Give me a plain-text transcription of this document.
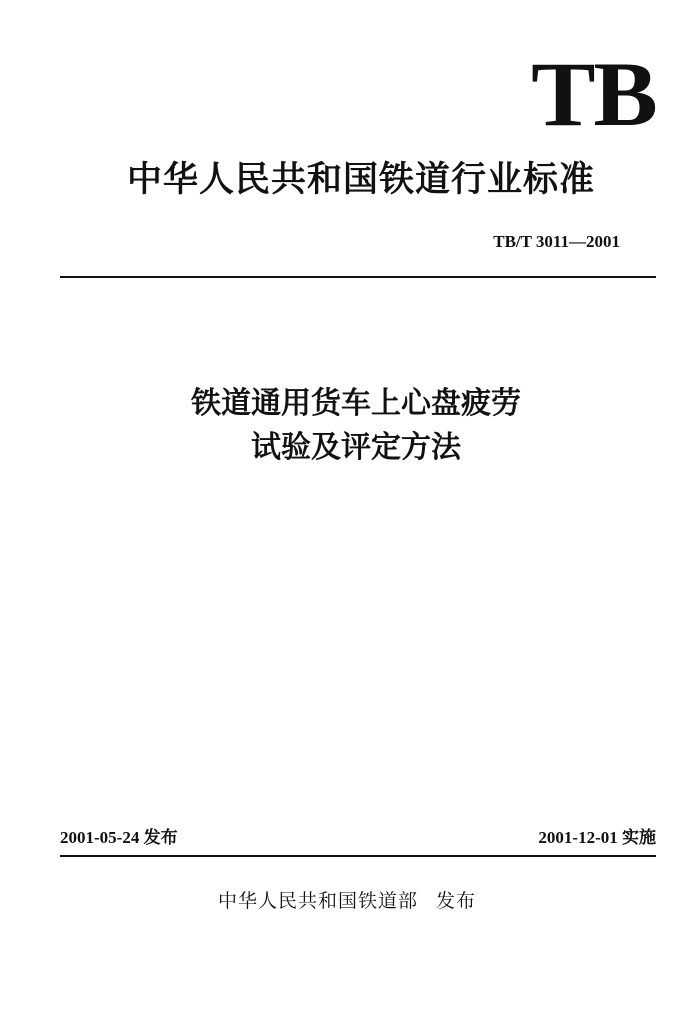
TB
中华人民共和国铁道行业标准
TB/T 3011—2001
铁道通用货车上心盘疲劳
试验及评定方法
2001-05-24 发布	2001-12-01 实施
中华人民共和国铁道部 发布
